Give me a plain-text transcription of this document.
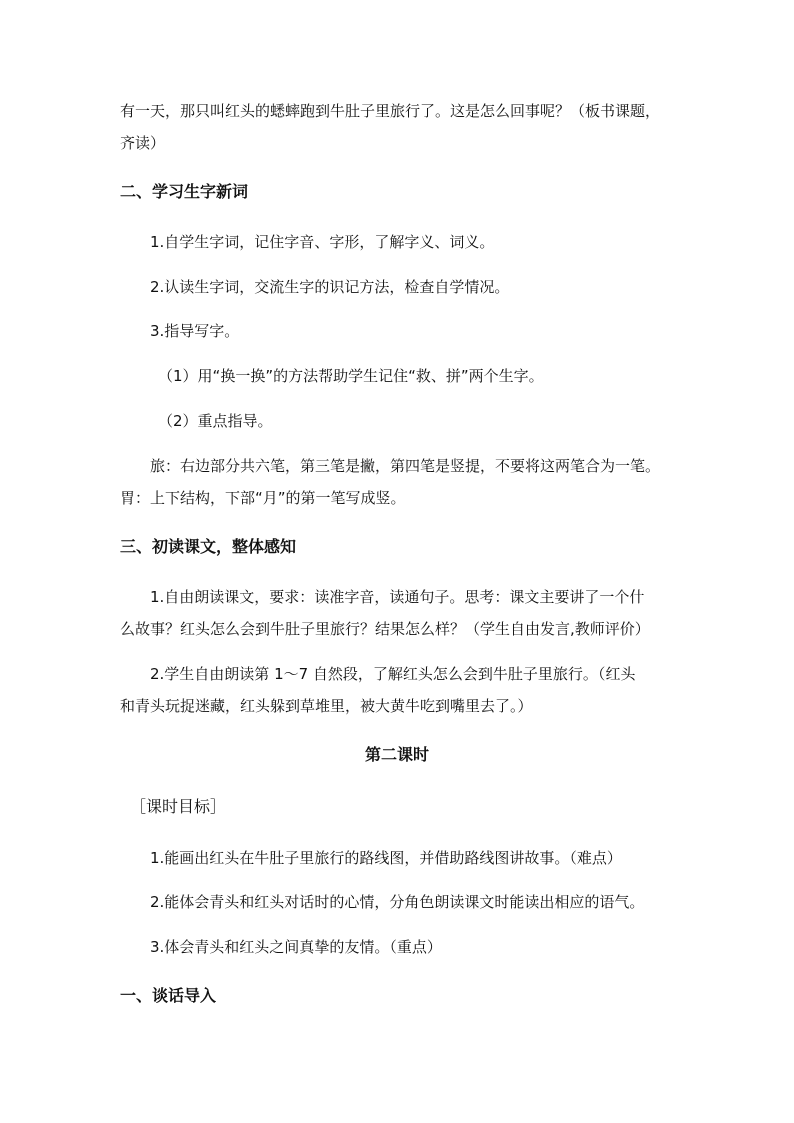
有一天，那只叫红头的蟋蟀跑到牛肚子里旅行了。这是怎么回事呢？（板书课题，
齐读）
二、学习生字新词
1.自学生字词，记住字音、字形，了解字义、词义。
2.认读生字词，交流生字的识记方法，检查自学情况。
3.指导写字。
（1）用“换一换”的方法帮助学生记住“救、拼”两个生字。
（2）重点指导。
旅：右边部分共六笔，第三笔是撇，第四笔是竖提，不要将这两笔合为一笔。
胃：上下结构，下部“月”的第一笔写成竖。
三、初读课文，整体感知
1.自由朗读课文，要求：读准字音，读通句子。思考：课文主要讲了一个什
么故事？红头怎么会到牛肚子里旅行？结果怎么样？（学生自由发言,教师评价）
2.学生自由朗读第 1～7 自然段，了解红头怎么会到牛肚子里旅行。（红头
和青头玩捉迷藏，红头躲到草堆里，被大黄牛吃到嘴里去了。）
第二课时
［课时目标］
1.能画出红头在牛肚子里旅行的路线图，并借助路线图讲故事。（难点）
2.能体会青头和红头对话时的心情，分角色朗读课文时能读出相应的语气。
3.体会青头和红头之间真挚的友情。（重点）
一、谈话导入
